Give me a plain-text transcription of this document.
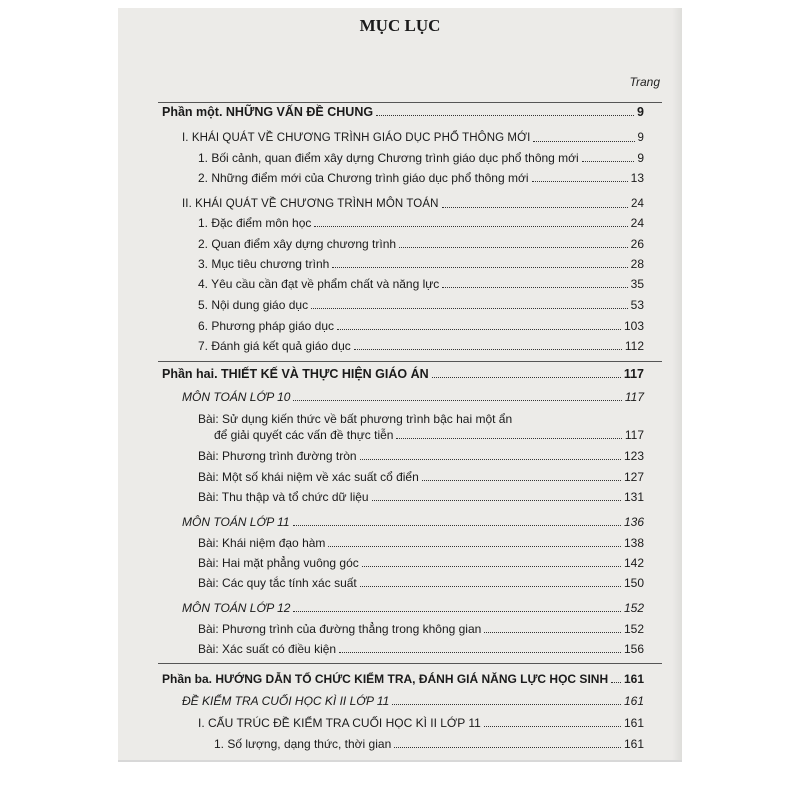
MỤC LỤC
Trang
Phần một. NHỮNG VẤN ĐỀ CHUNG	9
I. KHÁI QUÁT VỀ CHƯƠNG TRÌNH GIÁO DỤC PHỔ THÔNG MỚI	9
1. Bối cảnh, quan điểm xây dựng Chương trình giáo dục phổ thông mới	9
2. Những điểm mới của Chương trình giáo dục phổ thông mới	13
II. KHÁI QUÁT VỀ CHƯƠNG TRÌNH MÔN TOÁN	24
1. Đặc điểm môn học	24
2. Quan điểm xây dựng chương trình	26
3. Mục tiêu chương trình	28
4. Yêu cầu cần đạt về phẩm chất và năng lực	35
5. Nội dung giáo dục	53
6. Phương pháp giáo dục	103
7. Đánh giá kết quả giáo dục	112
Phần hai. THIẾT KẾ VÀ THỰC HIỆN GIÁO ÁN	117
MÔN TOÁN LỚP 10	117
Bài: Sử dụng kiến thức về bất phương trình bậc hai một ẩn
để giải quyết các vấn đề thực tiễn	117
Bài: Phương trình đường tròn	123
Bài: Một số khái niệm về xác suất cổ điển	127
Bài: Thu thập và tổ chức dữ liệu	131
MÔN TOÁN LỚP 11	136
Bài: Khái niệm đạo hàm	138
Bài: Hai mặt phẳng vuông góc	142
Bài: Các quy tắc tính xác suất	150
MÔN TOÁN LỚP 12	152
Bài: Phương trình của đường thẳng trong không gian	152
Bài: Xác suất có điều kiện	156
Phần ba. HƯỚNG DẪN TỔ CHỨC KIỂM TRA, ĐÁNH GIÁ NĂNG LỰC HỌC SINH 161
ĐỀ KIỂM TRA CUỐI HỌC KÌ II LỚP 11	161
I. CẤU TRÚC ĐỀ KIỂM TRA CUỐI HỌC KÌ II LỚP 11	161
1. Số lượng, dạng thức, thời gian	161
